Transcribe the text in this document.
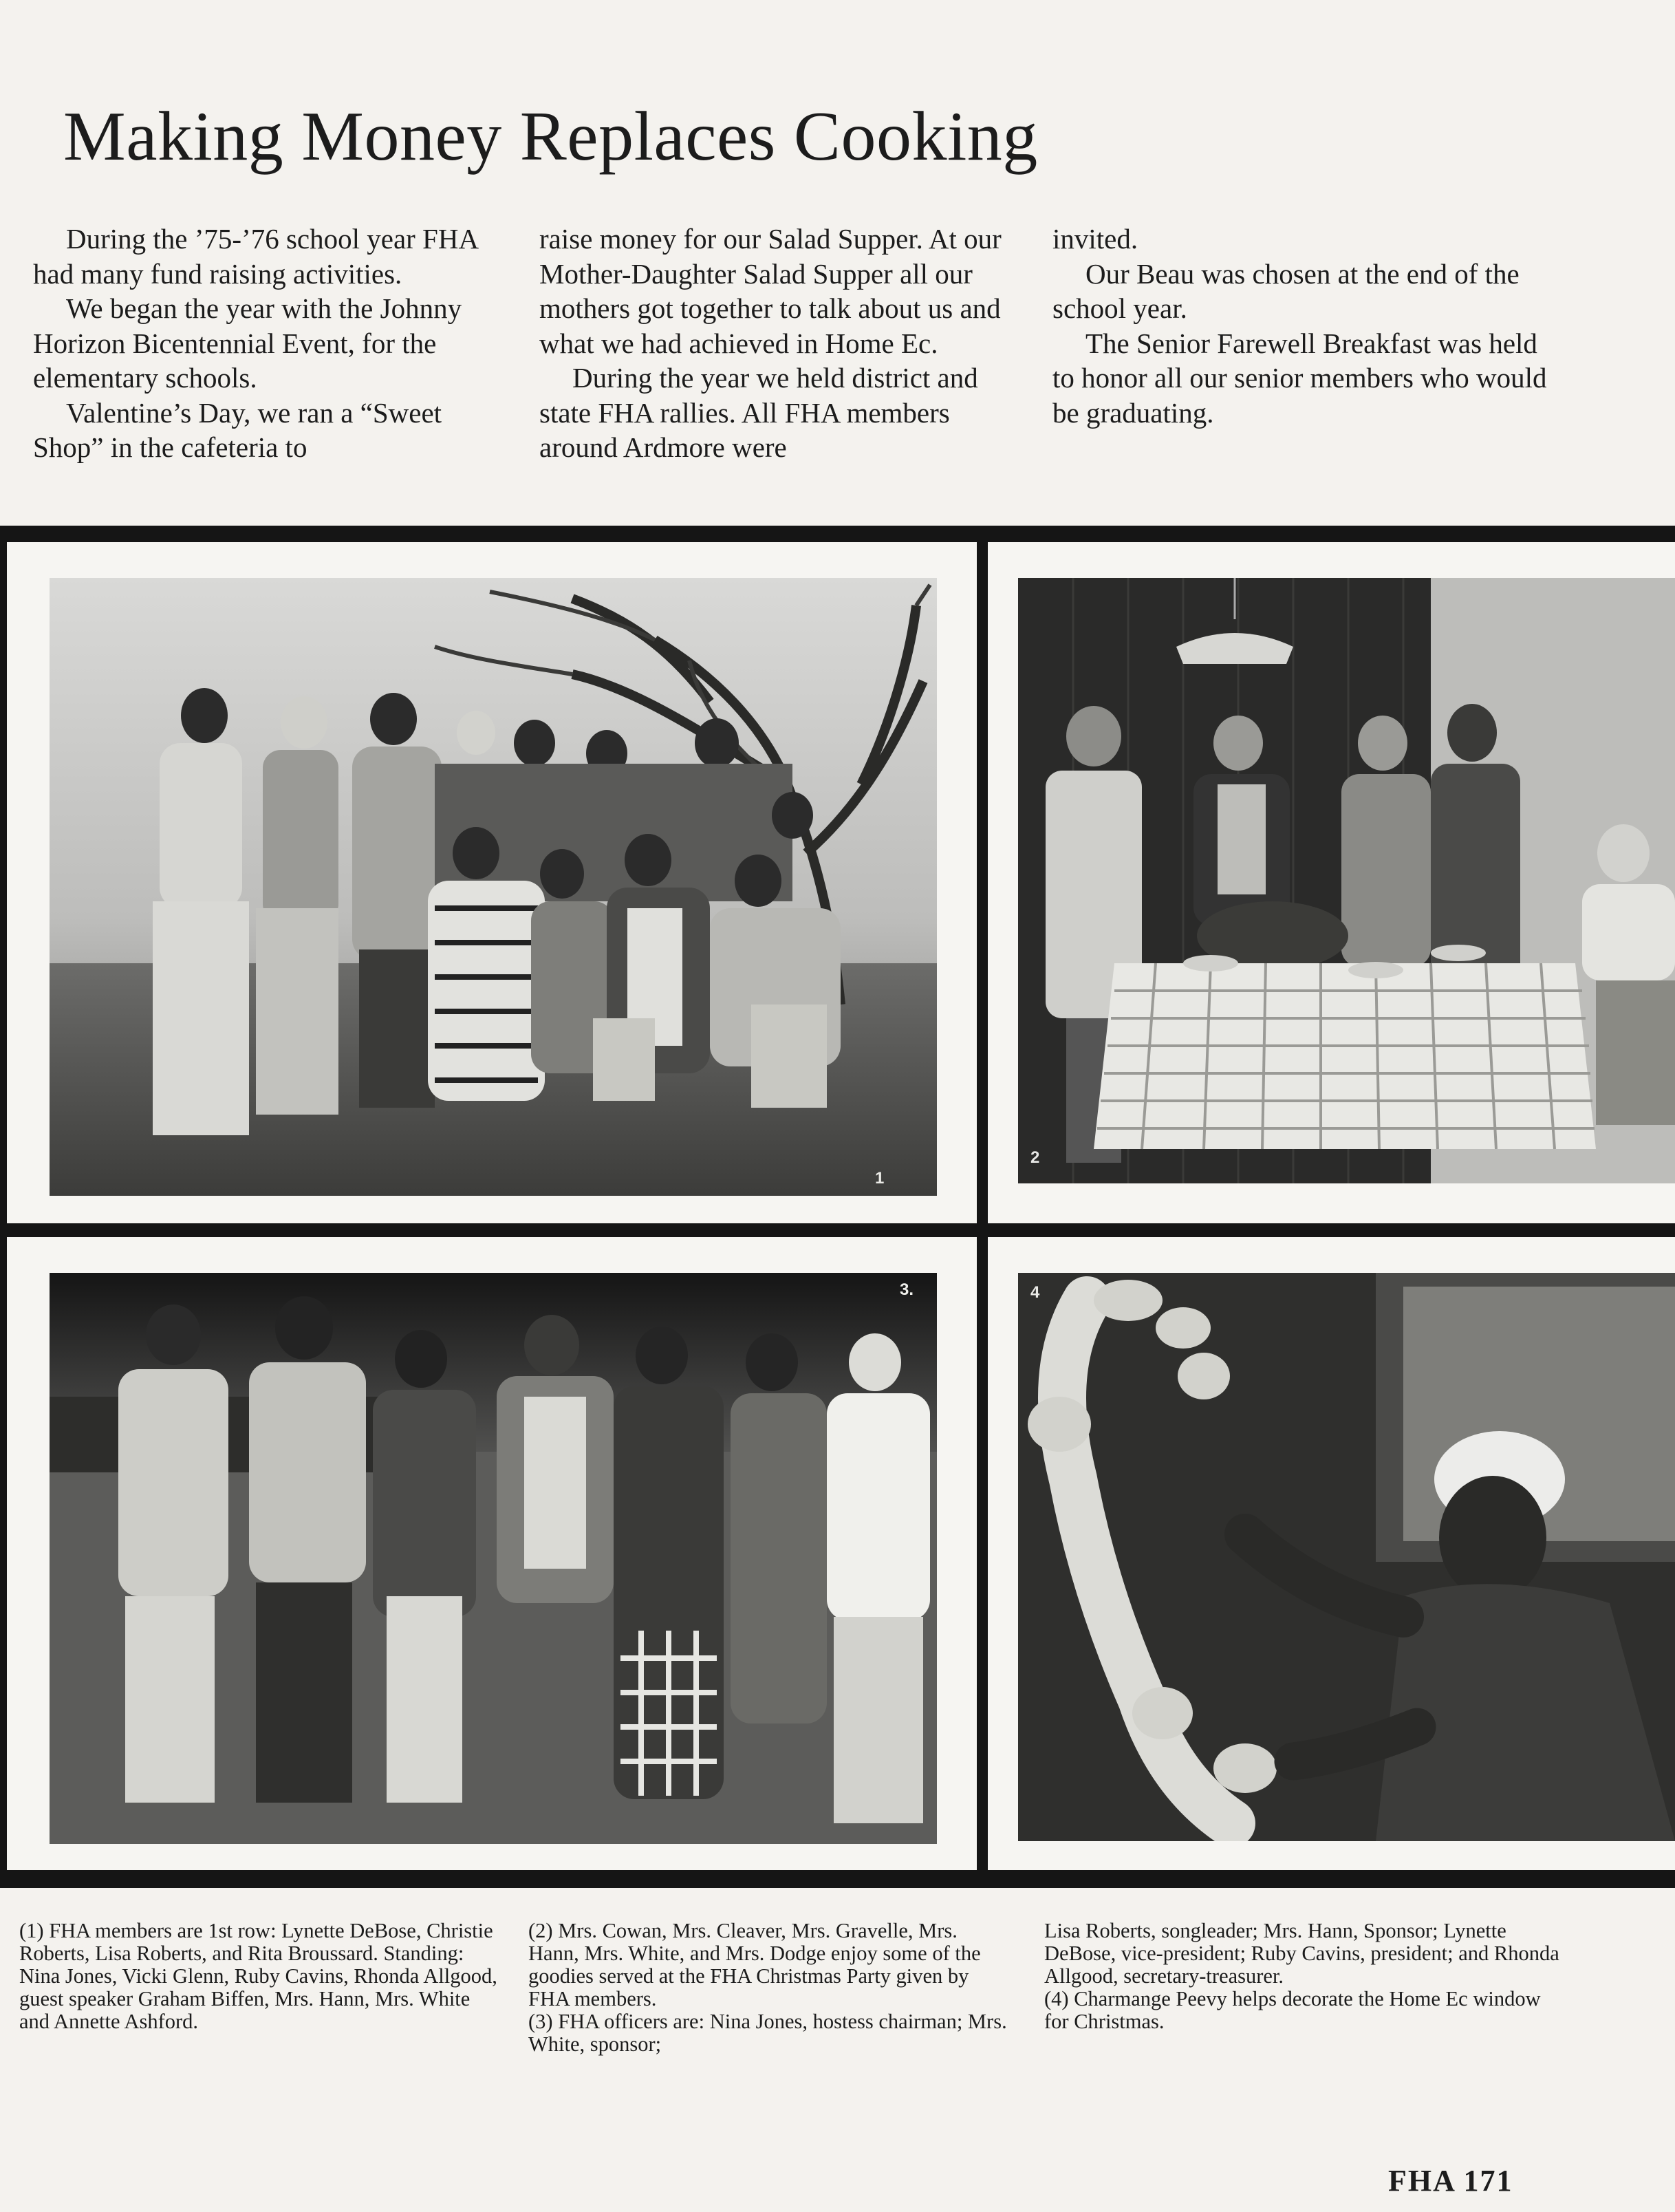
Making Money Replaces Cooking

During the ’75-’76 school year FHA had many fund raising activities.

We began the year with the Johnny Horizon Bicentennial Event, for the elementary schools.

Valentine’s Day, we ran a “Sweet Shop” in the cafeteria to

raise money for our Salad Supper. At our Mother-Daughter Salad Supper all our mothers got together to talk about us and what we had achieved in Home Ec.

During the year we held district and state FHA rallies. All FHA members around Ardmore were

invited.

Our Beau was chosen at the end of the school year.

The Senior Farewell Breakfast was held to honor all our senior members who would be graduating.

1
2
3.	4

(1) FHA members are 1st row: Lynette DeBose, Christie Roberts, Lisa Roberts, and Rita Broussard. Standing: Nina Jones, Vicki Glenn, Ruby Cavins, Rhonda Allgood, guest speaker Graham Biffen, Mrs. Hann, Mrs. White and Annette Ashford.

(2) Mrs. Cowan, Mrs. Cleaver, Mrs. Gravelle, Mrs. Hann, Mrs. White, and Mrs. Dodge enjoy some of the goodies served at the FHA Christmas Party given by FHA members.

(3) FHA officers are: Nina Jones, hostess chairman; Mrs. White, sponsor;

Lisa Roberts, songleader; Mrs. Hann, Sponsor; Lynette DeBose, vice-president; Ruby Cavins, president; and Rhonda Allgood, secretary-treasurer.

(4) Charmange Peevy helps decorate the Home Ec window for Christmas.

FHA 171
